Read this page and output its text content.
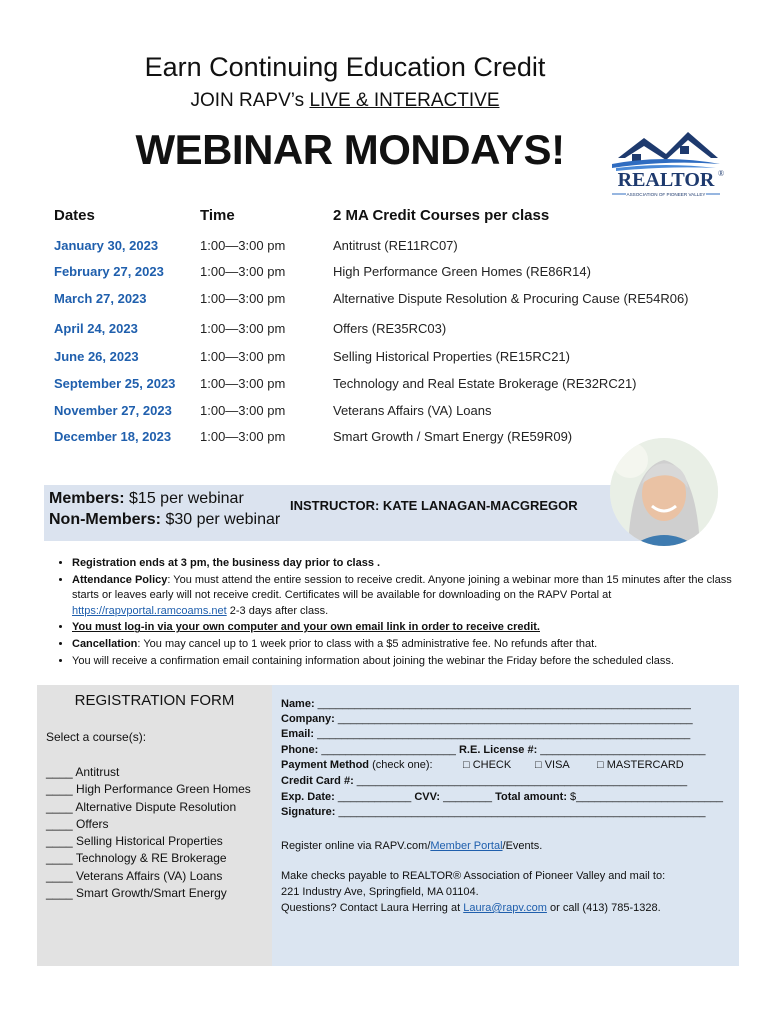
Earn Continuing Education Credit
JOIN RAPV’s LIVE & INTERACTIVE
WEBINAR MONDAYS!
REALTOR ®
ASSOCIATION OF PIONEER VALLEY
Dates	Time	2 MA Credit Courses per class
January 30, 2023	1:00—3:00 pm	Antitrust (RE11RC07)
February 27, 2023	1:00—3:00 pm	High Performance Green Homes (RE86R14)
March 27, 2023	1:00—3:00 pm	Alternative Dispute Resolution & Procuring Cause (RE54R06)
April 24, 2023	1:00—3:00 pm	Offers (RE35RC03)
June 26, 2023	1:00—3:00 pm	Selling Historical Properties (RE15RC21)
September 25, 2023 1:00—3:00 pm	Technology and Real Estate Brokerage (RE32RC21)
November 27, 2023 1:00—3:00 pm	Veterans Affairs (VA) Loans
December 18, 2023 1:00—3:00 pm	Smart Growth / Smart Energy (RE59R09)
Members: $15 per webinar
Non-Members: $30 per webinar
INSTRUCTOR: KATE LANAGAN-MACGREGOR
• Registration ends at 3 pm, the business day prior to class .
• Attendance Policy: You must attend the entire session to receive credit. Anyone joining a webinar more than 15 minutes after the class starts or leaves early will not receive credit. Certificates will be available for downloading on the RAPV Portal at https://rapvportal.ramcoams.net 2-3 days after class.
• You must log-in via your own computer and your own email link in order to receive credit.
• Cancellation: You may cancel up to 1 week prior to class with a $5 administrative fee. No refunds after that.
• You will receive a confirmation email containing information about joining the webinar the Friday before the scheduled class.
REGISTRATION FORM
Select a course(s):
____ Antitrust
____ High Performance Green Homes
____ Alternative Dispute Resolution
____ Offers
____ Selling Historical Properties
____ Technology & RE Brokerage
____ Veterans Affairs (VA) Loans
____ Smart Growth/Smart Energy
Name: _____________________________________________________________
Company: __________________________________________________________
Email: _____________________________________________________________
Phone: ______________________ R.E. License #: ___________________________
Payment Method (check one):	□ CHECK □ VISA □ MASTERCARD
Credit Card #: ______________________________________________________
Exp. Date: ____________ CVV: ________ Total amount: $________________________
Signature: ____________________________________________________________
Register online via RAPV.com/Member Portal/Events.
Make checks payable to REALTOR® Association of Pioneer Valley and mail to:
221 Industry Ave, Springfield, MA 01104.
Questions? Contact Laura Herring at Laura@rapv.com or call (413) 785-1328.
